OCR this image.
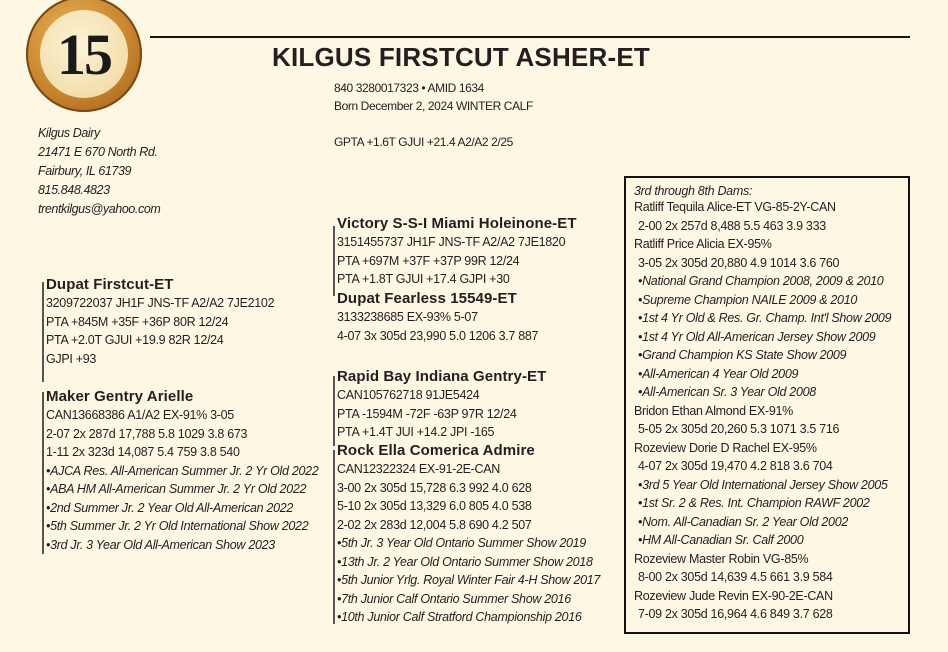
15	KILGUS FIRSTCUT ASHER-ET
840 3280017323 • AMID 1634
Born December 2, 2024 WINTER CALF
GPTA +1.6T GJUI +21.4 A2/A2 2/25
Kilgus Dairy
21471 E 670 North Rd.
Fairbury, IL 61739
815.848.4823
trentkilgus@yahoo.com
Dupat Firstcut-ET
3209722037 JH1F JNS-TF A2/A2 7JE2102
PTA +845M +35F +36P 80R 12/24
PTA +2.0T GJUI +19.9 82R 12/24
GJPI +93
Maker Gentry Arielle
CAN13668386 A1/A2 EX-91% 3-05
2-07 2x 287d 17,788 5.8 1029 3.8 673
1-11 2x 323d 14,087 5.4 759 3.8 540
•AJCA Res. All-American Summer Jr. 2 Yr Old 2022
•ABA HM All-American Summer Jr. 2 Yr Old 2022
•2nd Summer Jr. 2 Year Old All-American 2022
•5th Summer Jr. 2 Yr Old International Show 2022
•3rd Jr. 3 Year Old All-American Show 2023
Victory S-S-I Miami Holeinone-ET
3151455737 JH1F JNS-TF A2/A2 7JE1820
PTA +697M +37F +37P 99R 12/24
PTA +1.8T GJUI +17.4 GJPI +30
Dupat Fearless 15549-ET
3133238685 EX-93% 5-07
4-07 3x 305d 23,990 5.0 1206 3.7 887
Rapid Bay Indiana Gentry-ET
CAN105762718 91JE5424
PTA -1594M -72F -63P 97R 12/24
PTA +1.4T JUI +14.2 JPI -165
Rock Ella Comerica Admire
CAN12322324 EX-91-2E-CAN
3-00 2x 305d 15,728 6.3 992 4.0 628
5-10 2x 305d 13,329 6.0 805 4.0 538
2-02 2x 283d 12,004 5.8 690 4.2 507
•5th Jr. 3 Year Old Ontario Summer Show 2019
•13th Jr. 2 Year Old Ontario Summer Show 2018
•5th Junior Yrlg. Royal Winter Fair 4-H Show 2017
•7th Junior Calf Ontario Summer Show 2016
•10th Junior Calf Stratford Championship 2016
3rd through 8th Dams:
Ratliff Tequila Alice-ET VG-85-2Y-CAN
2-00 2x 257d 8,488 5.5 463 3.9 333
Ratliff Price Alicia EX-95%
3-05 2x 305d 20,880 4.9 1014 3.6 760
•National Grand Champion 2008, 2009 & 2010
•Supreme Champion NAILE 2009 & 2010
•1st 4 Yr Old & Res. Gr. Champ. Int'l Show 2009
•1st 4 Yr Old All-American Jersey Show 2009
•Grand Champion KS State Show 2009
•All-American 4 Year Old 2009
•All-American Sr. 3 Year Old 2008
Bridon Ethan Almond EX-91%
5-05 2x 305d 20,260 5.3 1071 3.5 716
Rozeview Dorie D Rachel EX-95%
4-07 2x 305d 19,470 4.2 818 3.6 704
•3rd 5 Year Old International Jersey Show 2005
•1st Sr. 2 & Res. Int. Champion RAWF 2002
•Nom. All-Canadian Sr. 2 Year Old 2002
•HM All-Canadian Sr. Calf 2000
Rozeview Master Robin VG-85%
8-00 2x 305d 14,639 4.5 661 3.9 584
Rozeview Jude Revin EX-90-2E-CAN
7-09 2x 305d 16,964 4.6 849 3.7 628
